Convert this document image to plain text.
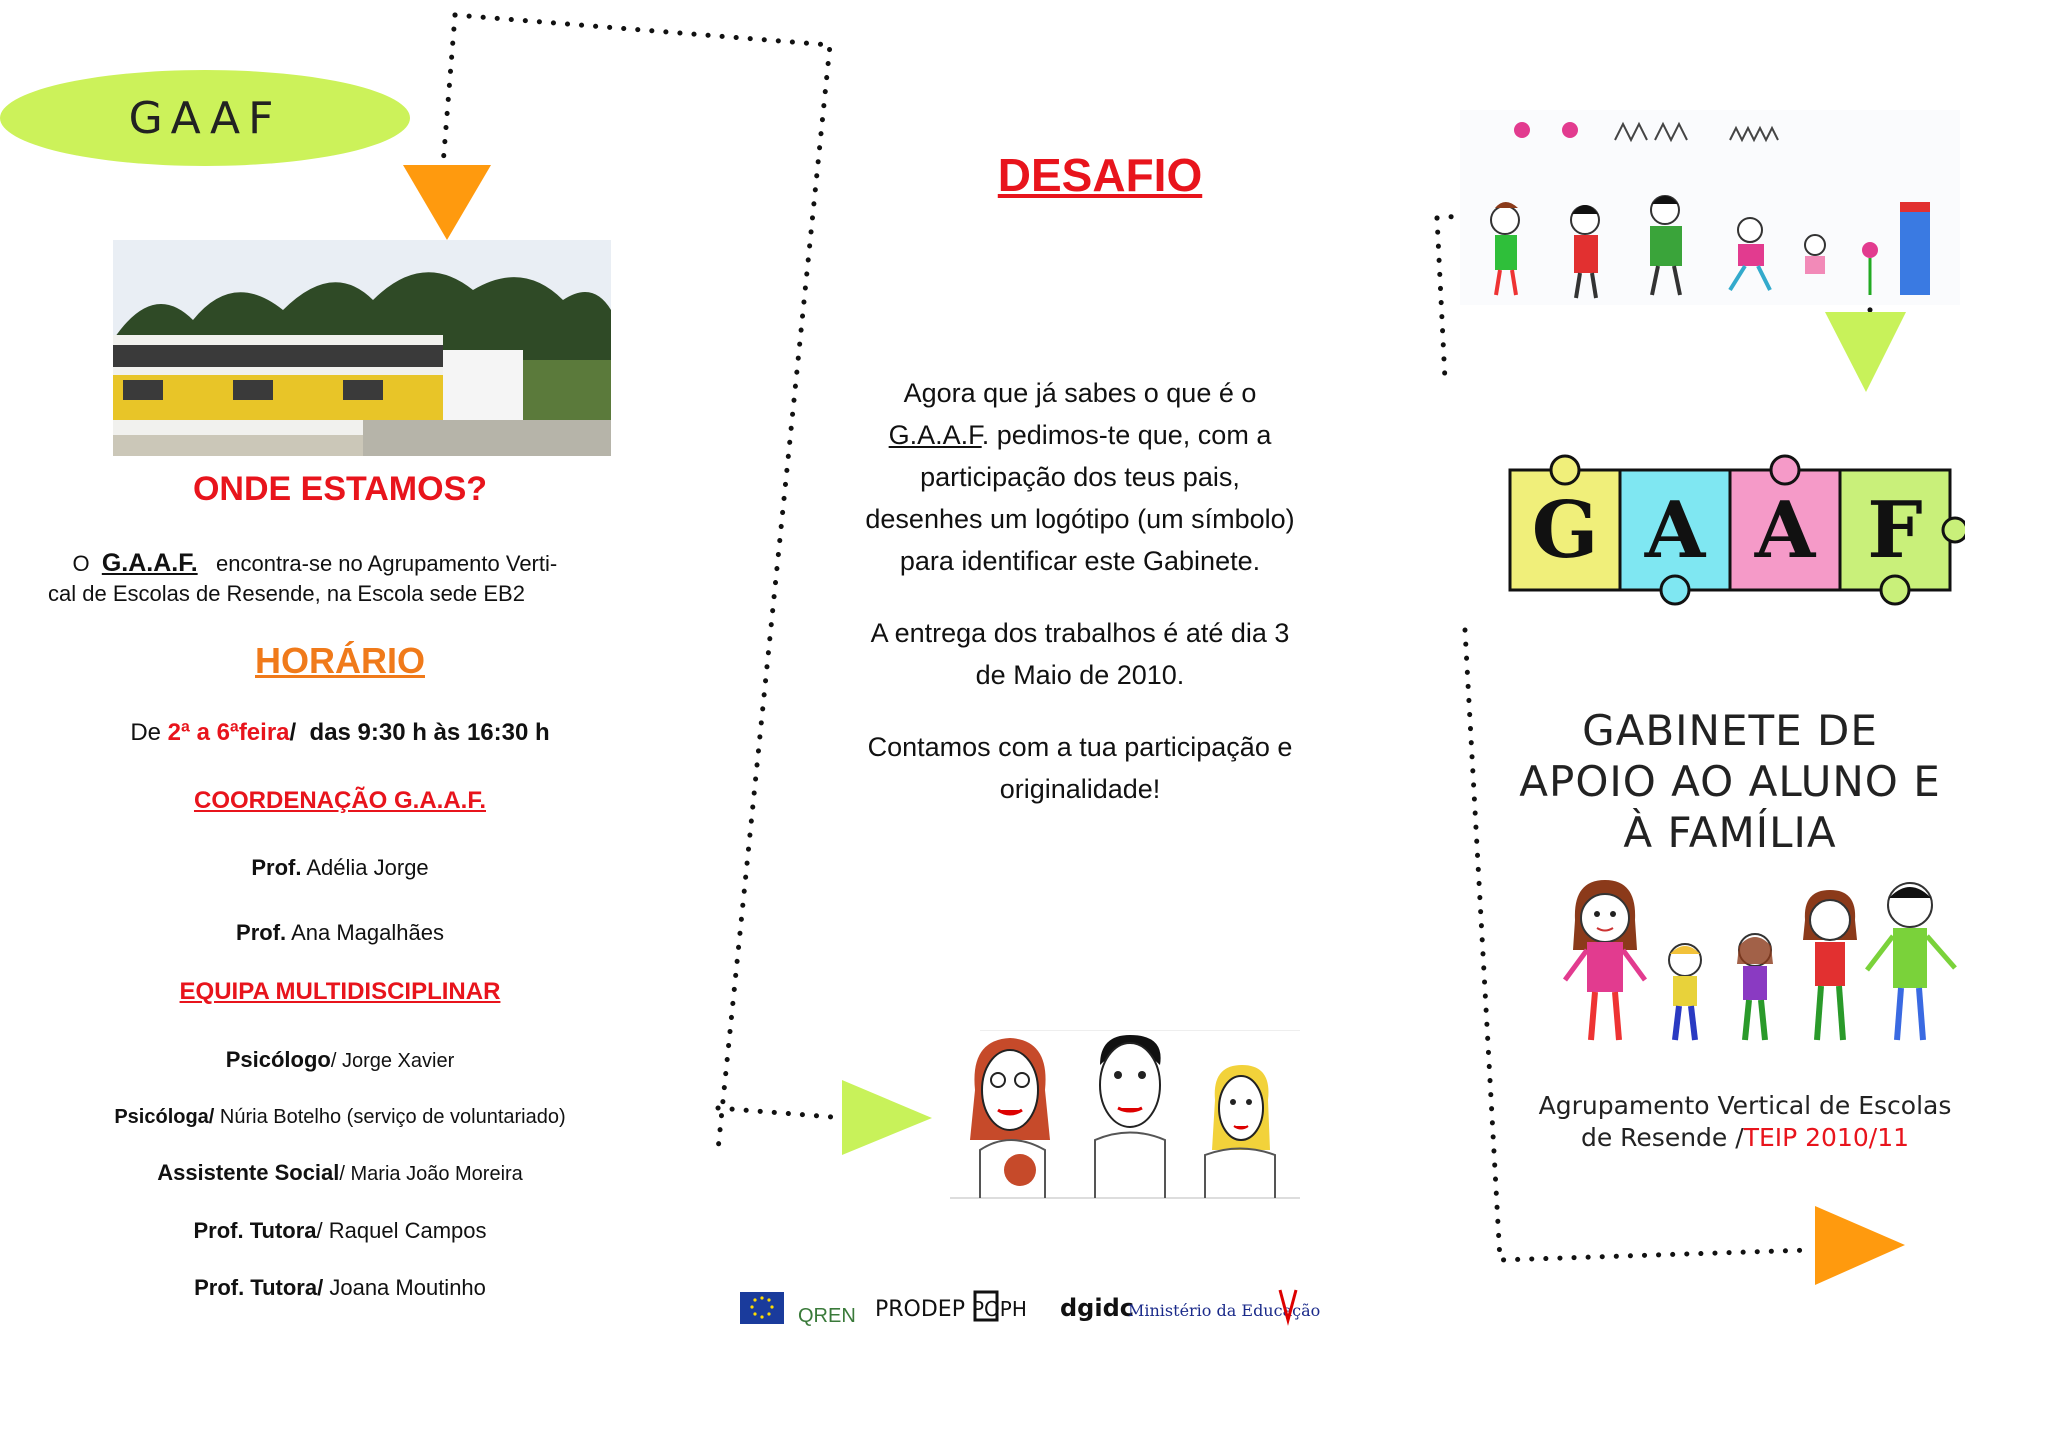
GAAF
ONDE ESTAMOS?
O G.A.A.F. encontra-se no Agrupamento Verti-
cal de Escolas de Resende, na Escola sede EB2
HORÁRIO
De 2ª a 6ªfeira/ das 9:30 h às 16:30 h
COORDENAÇÃO G.A.A.F.
Prof. Adélia Jorge
Prof. Ana Magalhães
EQUIPA MULTIDISCIPLINAR
Psicólogo/ Jorge Xavier
Psicóloga/ Núria Botelho (serviço de voluntariado)
Assistente Social/ Maria João Moreira
Prof. Tutora/ Raquel Campos
Prof. Tutora/ Joana Moutinho
DESAFIO
Agora que já sabes o que é o
G.A.A.F. pedimos-te que, com a
participação dos teus pais,
desenhes um logótipo (um símbolo)
para identificar este Gabinete.
A entrega dos trabalhos é até dia 3
de Maio de 2010.
Contamos com a tua participação e
originalidade!
QREN PRODEP POPH dgidc
Ministério da Educação
G A A F
GABINETE DE
APOIO AO ALUNO E
À FAMÍLIA
Agrupamento Vertical de Escolas
de Resende /TEIP 2010/11
